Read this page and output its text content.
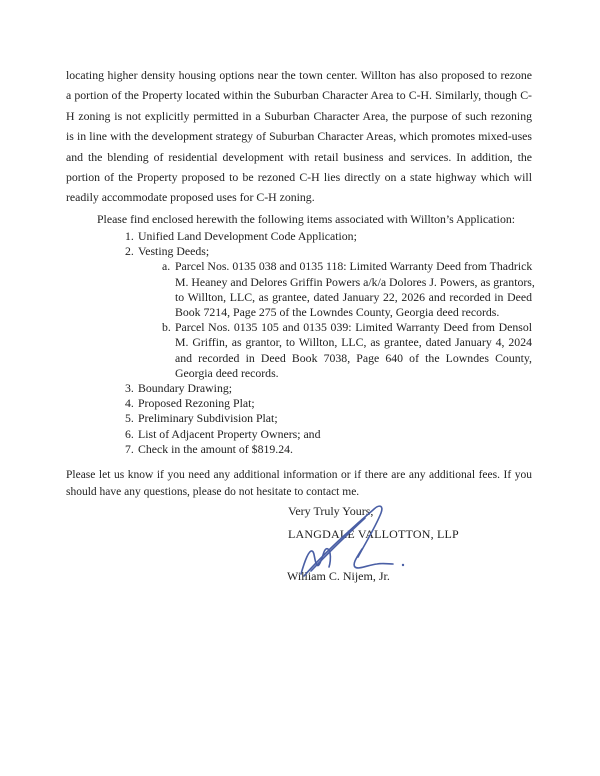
locating higher density housing options near the town center. Willton has also proposed to rezone
a portion of the Property located within the Suburban Character Area to C-H. Similarly, though C-
H zoning is not explicitly permitted in a Suburban Character Area, the purpose of such rezoning
is in line with the development strategy of Suburban Character Areas, which promotes mixed-uses
and the blending of residential development with retail business and services. In addition, the
portion of the Property proposed to be rezoned C-H lies directly on a state highway which will
readily accommodate proposed uses for C-H zoning.
Please find enclosed herewith the following items associated with Willton’s Application:
1. Unified Land Development Code Application;
2. Vesting Deeds;
a. Parcel Nos. 0135 038 and 0135 118: Limited Warranty Deed from Thadrick
M. Heaney and Delores Griffin Powers a/k/a Dolores J. Powers, as grantors,
to Willton, LLC, as grantee, dated January 22, 2026 and recorded in Deed
Book 7214, Page 275 of the Lowndes County, Georgia deed records.
b. Parcel Nos. 0135 105 and 0135 039: Limited Warranty Deed from Densol
M. Griffin, as grantor, to Willton, LLC, as grantee, dated January 4, 2024
and recorded in Deed Book 7038, Page 640 of the Lowndes County,
Georgia deed records.
3. Boundary Drawing;
4. Proposed Rezoning Plat;
5. Preliminary Subdivision Plat;
6. List of Adjacent Property Owners; and
7. Check in the amount of $819.24.
Please let us know if you need any additional information or if there are any additional fees. If you
should have any questions, please do not hesitate to contact me.
Very Truly Yours,
LANGDALE VALLOTTON, LLP
William C. Nijem, Jr.
